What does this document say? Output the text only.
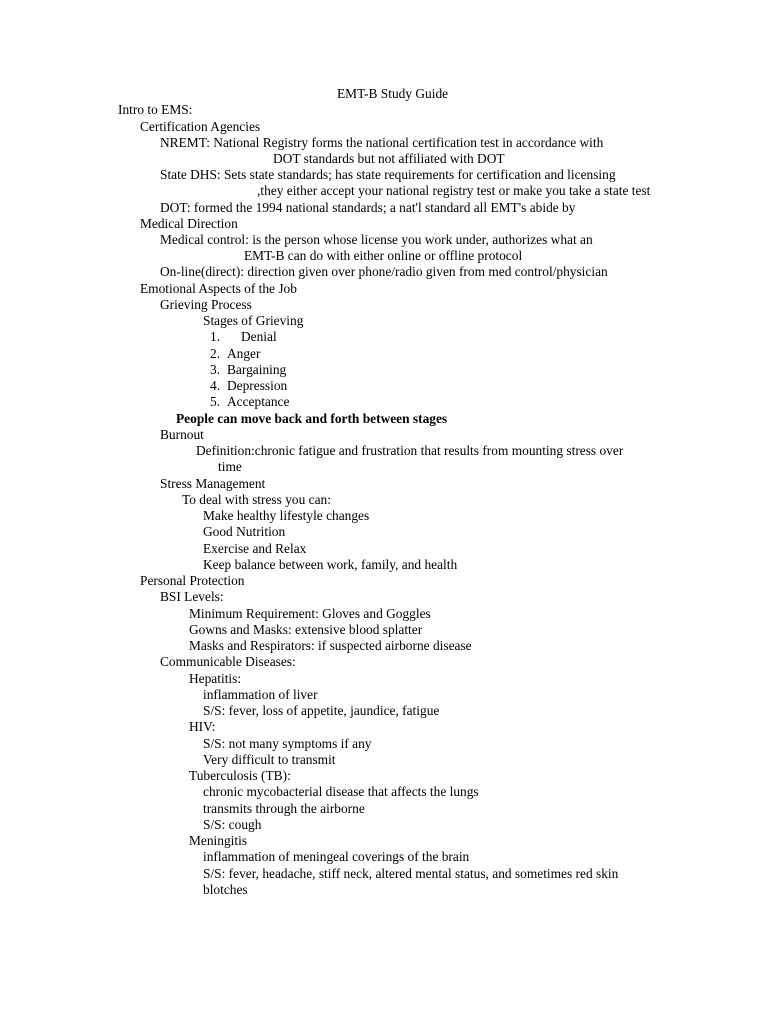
EMT-B Study Guide
Intro to EMS:
Certification Agencies
NREMT: National Registry forms the national certification test in accordance with
DOT standards but not affiliated with DOT
State DHS: Sets state standards; has state requirements for certification and licensing
,they either accept your national registry test or make you take a state test
DOT: formed the 1994 national standards; a nat'l standard all EMT's abide by
Medical Direction
Medical control: is the person whose license you work under, authorizes what an
EMT-B can do with either online or offline protocol
On-line(direct): direction given over phone/radio given from med control/physician
Emotional Aspects of the Job
Grieving Process
Stages of Grieving
1. Denial
2. Anger
3. Bargaining
4. Depression
5. Acceptance
People can move back and forth between stages
Burnout
Definition:chronic fatigue and frustration that results from mounting stress over
time
Stress Management
To deal with stress you can:
Make healthy lifestyle changes
Good Nutrition
Exercise and Relax
Keep balance between work, family, and health
Personal Protection
BSI Levels:
Minimum Requirement: Gloves and Goggles
Gowns and Masks: extensive blood splatter
Masks and Respirators: if suspected airborne disease
Communicable Diseases:
Hepatitis:
inflammation of liver
S/S: fever, loss of appetite, jaundice, fatigue
HIV:
S/S: not many symptoms if any
Very difficult to transmit
Tuberculosis (TB):
chronic mycobacterial disease that affects the lungs
transmits through the airborne
S/S: cough
Meningitis
inflammation of meningeal coverings of the brain
S/S: fever, headache, stiff neck, altered mental status, and sometimes red skin
blotches
